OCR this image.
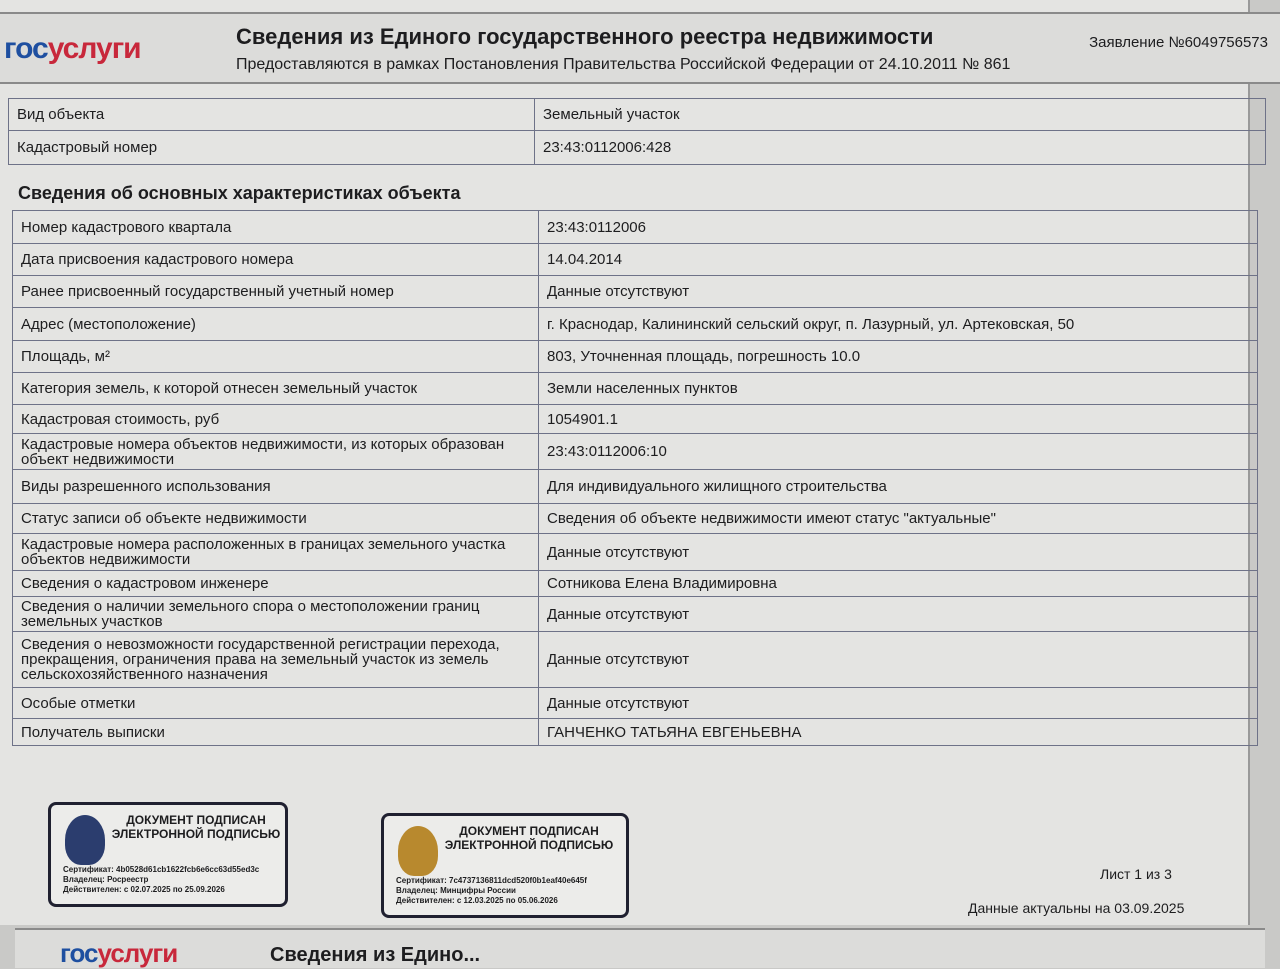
госуслуги	Сведения из Единого государственного реестра недвижимости
Предоставляются в рамках Постановления Правительства Российской Федерации от 24.10.2011 № 861
Заявление №6049756573
Вид объекта	Земельный участок
Кадастровый номер	23:43:0112006:428
Сведения об основных характеристиках объекта
Номер кадастрового квартала	23:43:0112006
Дата присвоения кадастрового номера	14.04.2014
Ранее присвоенный государственный учетный номер	Данные отсутствуют
Адрес (местоположение)	г. Краснодар, Калининский сельский округ, п. Лазурный, ул. Артековская, 50
Площадь, м²	803, Уточненная площадь, погрешность 10.0
Категория земель, к которой отнесен земельный участок	Земли населенных пунктов
Кадастровая стоимость, руб	1054901.1
Кадастровые номера объектов недвижимости, из которых образован объект недвижимости	23:43:0112006:10
Виды разрешенного использования	Для индивидуального жилищного строительства
Статус записи об объекте недвижимости	Сведения об объекте недвижимости имеют статус "актуальные"
Кадастровые номера расположенных в границах земельного участка объектов недвижимости	Данные отсутствуют
Сведения о кадастровом инженере	Сотникова Елена Владимировна
Сведения о наличии земельного спора о местоположении границ земельных участков	Данные отсутствуют
Сведения о невозможности государственной регистрации перехода, прекращения, ограничения права на земельный участок из земель сельскохозяйственного назначения	Данные отсутствуют
Особые отметки	Данные отсутствуют
Получатель выписки	ГАНЧЕНКО ТАТЬЯНА ЕВГЕНЬЕВНА
ДОКУМЕНТ ПОДПИСАН ЭЛЕКТРОННОЙ ПОДПИСЬЮ
Сертификат: 4b0528d61cb1622fcb6e6cc63d55ed3c
Владелец: Росреестр
Действителен: с 02.07.2025 по 25.09.2026
ДОКУМЕНТ ПОДПИСАН ЭЛЕКТРОННОЙ ПОДПИСЬЮ
Сертификат: 7c4737136811dcd520f0b1eaf40e645f
Владелец: Минцифры России
Действителен: с 12.03.2025 по 05.06.2026
Лист 1 из 3
Данные актуальны на 03.09.2025
госуслуги	Сведения из Едино...
